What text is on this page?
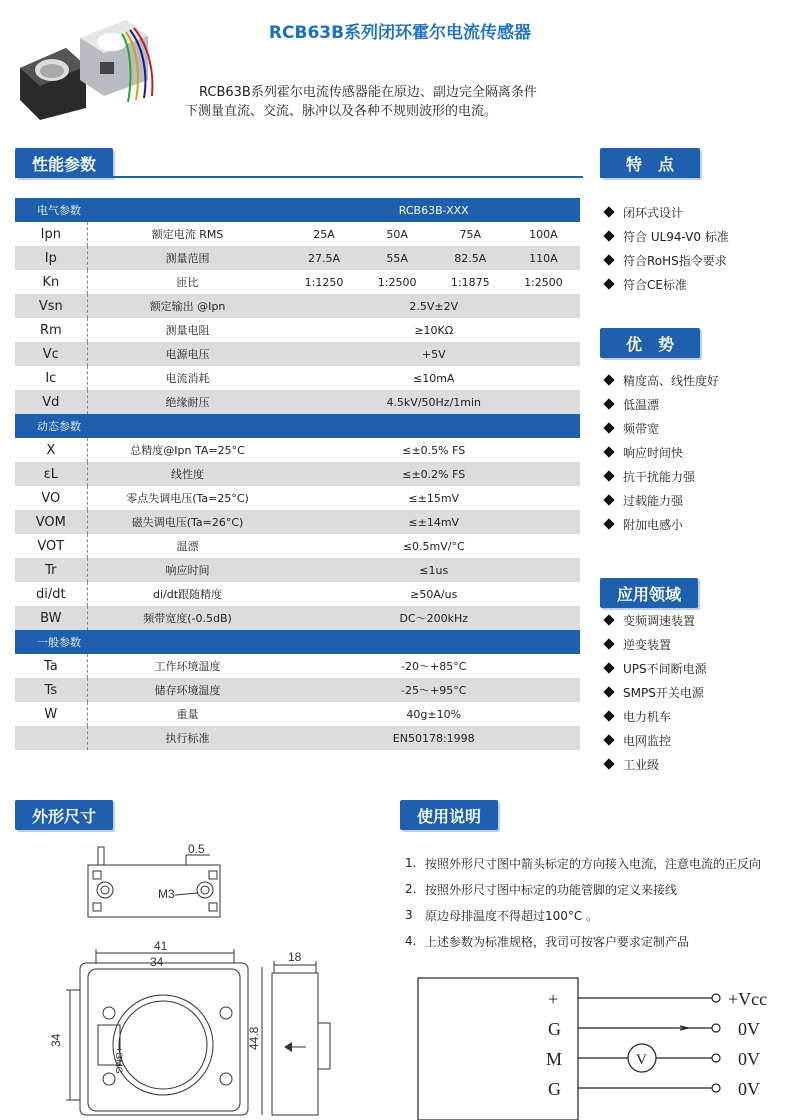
RCB63B系列闭环霍尔电流传感器
RCB63B系列霍尔电流传感器能在原边、副边完全隔离条件
下测量直流、交流、脉冲以及各种不规则波形的电流。
性能参数	特　点
电气参数		RCB63B-XXX			
Ipn	额定电流 RMS	25A	50A	75A	100A
Ip	测量范围	27.5A	55A	82.5A	110A
Kn	匝比	1:1250	1:2500	1:1875	1:2500
Vsn	额定输出 @Ipn	2.5V±2V			
Rm	测量电阻	≥10KΩ			
Vc	电源电压	+5V			
Ic	电流消耗	≤10mA			
Vd	绝缘耐压	4.5kV/50Hz/1min			
动态参数					
X	总精度@Ipn TA=25°C	≤±0.5% FS			
εL	线性度	≤±0.2% FS			
VO	零点失调电压(Ta=25°C)	≤±15mV			
VOM	磁失调电压(Ta=26°C)	≤±14mV			
VOT	温漂	≤0.5mV/°C			
Tr	响应时间	≤1us			
di/dt	di/dt跟随精度	≥50A/us			
BW	频带宽度(-0.5dB)	DC～200kHz			
一般参数					
Ta	工作环境温度	-20～+85°C			
Ts	储存环境温度	-25～+95°C			
W	重量	40g±10%			
	执行标准	EN50178:1998			
闭环式设计
符合 UL94-V0 标准
符合RoHS指令要求
符合CE标准
优　势
精度高、线性度好
低温漂
频带宽
响应时间快
抗干扰能力强
过载能力强
附加电感小
应用领域
变频调速装置
逆变装置
UPS不间断电源
SMPS开关电源
电力机车
电网监控
工业级
外形尺寸	使用说明
1. 按照外形尺寸图中箭头标定的方向接入电流，注意电流的正反向
2. 按照外形尺寸图中标定的功能管脚的定义来接线
3	原边母排温度不得超过100°C 。
4. 上述参数为标准规格，我司可按客户要求定制产品
0.5
M3
41
34
34	44.8
18
+GMG
+
G
M
G
+Vcc
0V
0V
0V
V
